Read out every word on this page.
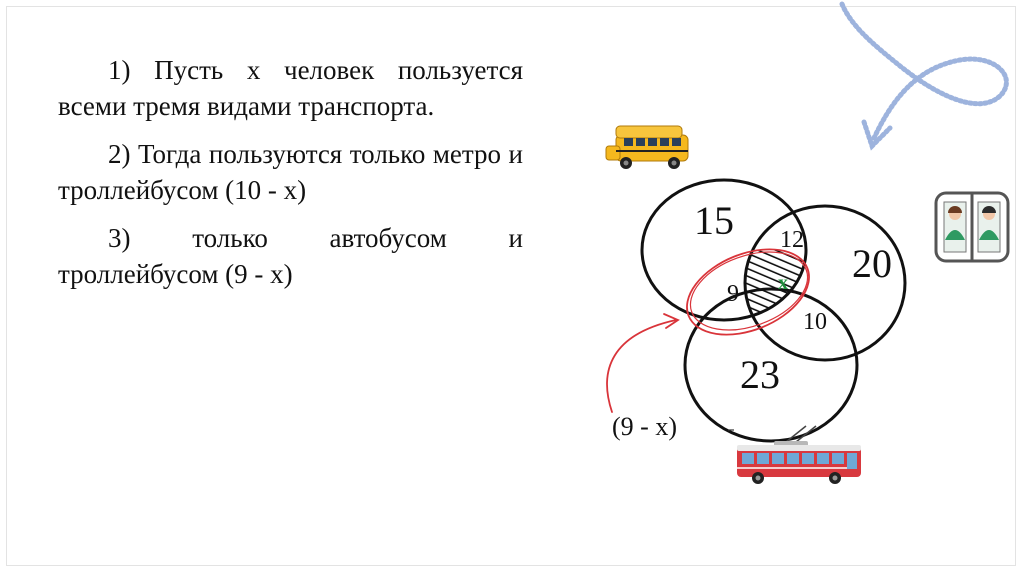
1) Пусть x человек пользуется всеми тремя видами транспорта.

2) Тогда пользуются только метро и троллейбусом (10 - x)

3) только автобусом и троллейбусом (9 - x)

15
20
23
12
9
10
x
(9 - x)
